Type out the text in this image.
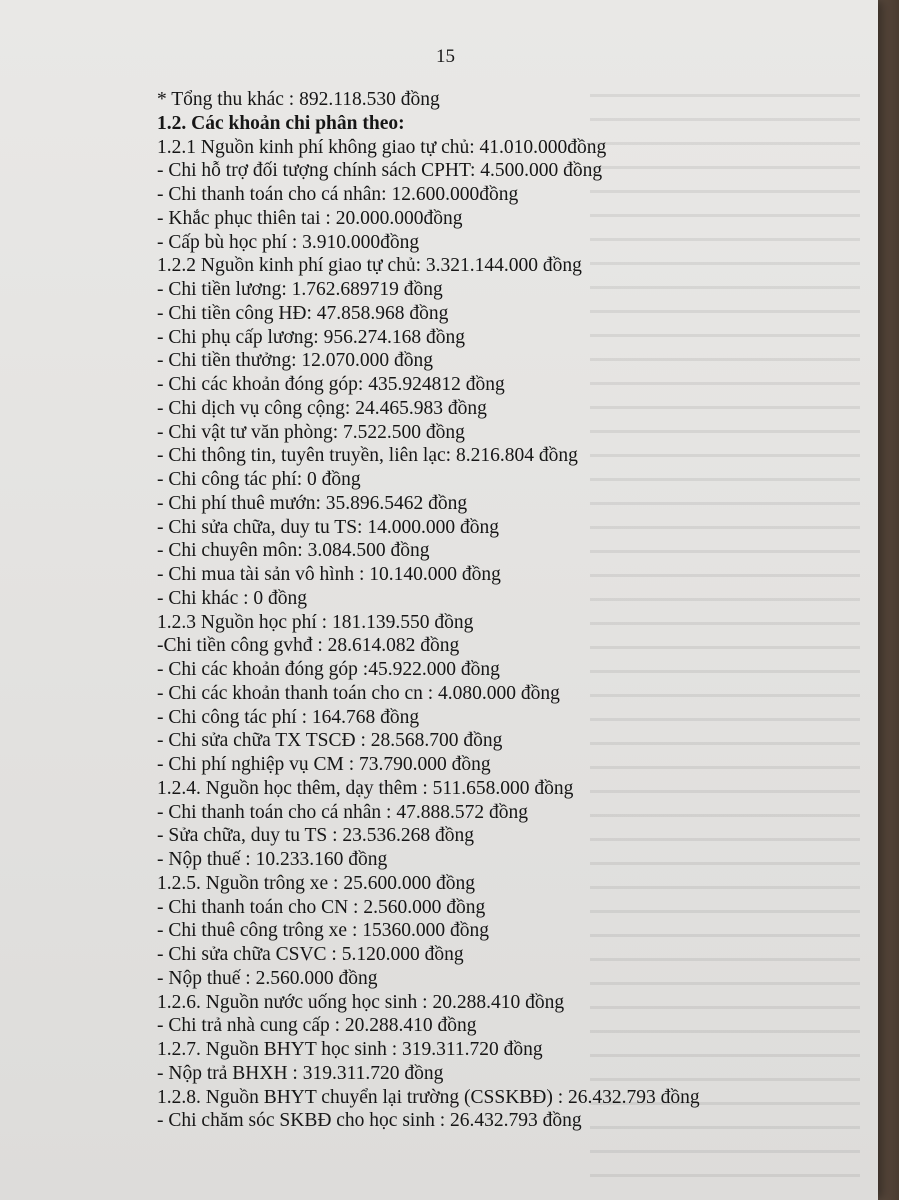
15
* Tổng thu khác : 892.118.530 đồng
1.2. Các khoản chi phân theo:
1.2.1 Nguồn kinh phí không giao tự chủ: 41.010.000đồng
- Chi hỗ trợ đối tượng chính sách CPHT: 4.500.000 đồng
- Chi thanh toán cho cá nhân: 12.600.000đồng
- Khắc phục thiên tai : 20.000.000đồng
- Cấp bù học phí : 3.910.000đồng
1.2.2 Nguồn kinh phí giao tự chủ: 3.321.144.000 đồng
- Chi tiền lương: 1.762.689719 đồng
- Chi tiền công HĐ: 47.858.968 đồng
- Chi phụ cấp lương: 956.274.168 đồng
- Chi tiền thưởng: 12.070.000 đồng
- Chi các khoản đóng góp: 435.924812 đồng
- Chi dịch vụ công cộng: 24.465.983 đồng
- Chi vật tư văn phòng: 7.522.500 đồng
- Chi thông tin, tuyên truyền, liên lạc: 8.216.804 đồng
- Chi công tác phí: 0 đồng
- Chi phí thuê mướn: 35.896.5462 đồng
- Chi sửa chữa, duy tu TS: 14.000.000 đồng
- Chi chuyên môn: 3.084.500 đồng
- Chi mua tài sản vô hình : 10.140.000 đồng
- Chi khác : 0 đồng
1.2.3 Nguồn học phí : 181.139.550 đồng
-Chi tiền công gvhđ : 28.614.082 đồng
- Chi các khoản đóng góp :45.922.000 đồng
- Chi các khoản thanh toán cho cn : 4.080.000 đồng
- Chi công tác phí : 164.768 đồng
- Chi sửa chữa TX TSCĐ : 28.568.700 đồng
- Chi phí nghiệp vụ CM : 73.790.000 đồng
1.2.4. Nguồn học thêm, dạy thêm : 511.658.000 đồng
- Chi thanh toán cho cá nhân : 47.888.572 đồng
- Sửa chữa, duy tu TS : 23.536.268 đồng
- Nộp thuế : 10.233.160 đồng
1.2.5. Nguồn trông xe : 25.600.000 đồng
- Chi thanh toán cho CN : 2.560.000 đồng
- Chi thuê công trông xe : 15360.000 đồng
- Chi sửa chữa CSVC : 5.120.000 đồng
- Nộp thuế : 2.560.000 đồng
1.2.6. Nguồn nước uống học sinh : 20.288.410 đồng
- Chi trả nhà cung cấp : 20.288.410 đồng
1.2.7. Nguồn BHYT học sinh : 319.311.720 đồng
- Nộp trả BHXH : 319.311.720 đồng
1.2.8. Nguồn BHYT chuyển lại trường (CSSKBĐ) : 26.432.793 đồng
- Chi chăm sóc SKBĐ cho học sinh : 26.432.793 đồng
